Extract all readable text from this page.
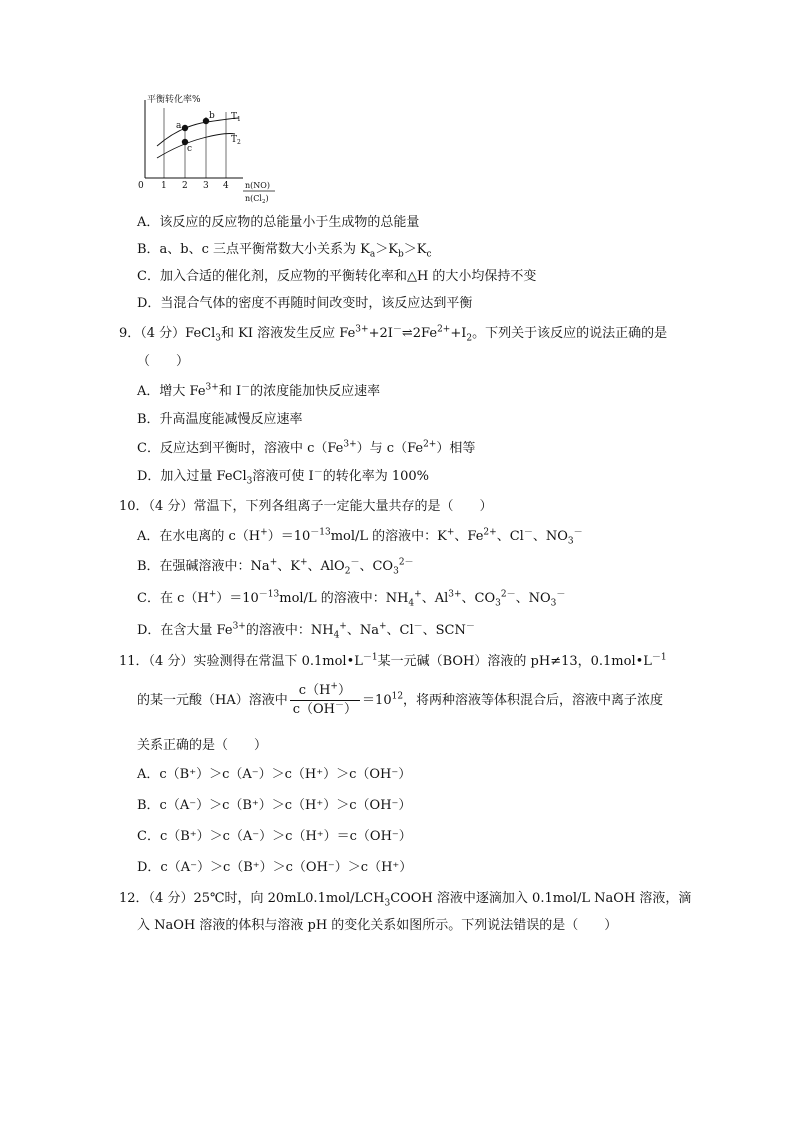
平衡转化率%
$T_1$
$T_2$
a
b
c
0 1 2 3 4 n(NO)
$n(Cl_2)$
A．该反应的反应物的总能量小于生成物的总能量
B．a、b、c 三点平衡常数大小关系为 $K_a>K_b>K_c$
C．加入合适的催化剂，反应物的平衡转化率和△H 的大小均保持不变
D．当混合气体的密度不再随时间改变时，该反应达到平衡
9．（4 分）FeCl$_3$和 KI 溶液发生反应 $Fe^{3+}+2I^-\rightleftharpoons 2Fe^{2+}+I_2$。下列关于该反应的说法正确的是
（　　）
A．增大 $Fe^{3+}$和 I－的浓度能加快反应速率
B．升高温度能减慢反应速率
C．反应达到平衡时，溶液中 $c(Fe^{3+})$与 $c(Fe^{2+})$相等
D．加入过量 FeCl$_3$溶液可使 I－的转化率为 100%
10．（4 分）常温下，下列各组离子一定能大量共存的是（　　）
A．在水电离的 $c(H^+)=10^{-13}mol/L$ 的溶液中：K+、$Fe^{2+}$、Cl－、$NO_3^-$
B．在强碱溶液中：Na+、K+、AlO$_2$－、$CO_3^{2-}$
C．在 $c(H^+)=10^{-13}mol/L$ 的溶液中：$NH_4^+$、$Al^{3+}$、$CO_3^{2-}$、$NO_3^-$
D．在含大量 $Fe^{3+}$的溶液中：$NH_4^+$、Na+、Cl－、SCN－
11．（4 分）实验测得在常温下 $0.1mol•L^{-1}$某一元碱（BOH）溶液的 pH≠13，$0.1mol•L^{-1}$
的某一元酸（HA）溶液中 $\frac{c(H^+)}{c(OH^-)} =10^{12}$，将两种溶液等体积混合后，溶液中离子浓度
关系正确的是（　　）
A．c（B⁺）＞c（A⁻）＞c（H⁺）＞c（OH⁻）
B．c（A⁻）＞c（B⁺）＞c（H⁺）＞c（OH⁻）
C．c（B⁺）＞c（A⁻）＞c（H⁺）＝c（OH⁻）
D．c（A⁻）＞c（B⁺）＞c（OH⁻）＞c（H⁺）
12．（4 分）25℃时，向 $20mL0.1mol/LCH_3COOH$ 溶液中逐滴加入 0.1mol/L NaOH 溶液，滴
入 NaOH 溶液的体积与溶液 pH 的变化关系如图所示。下列说法错误的是（　　）
